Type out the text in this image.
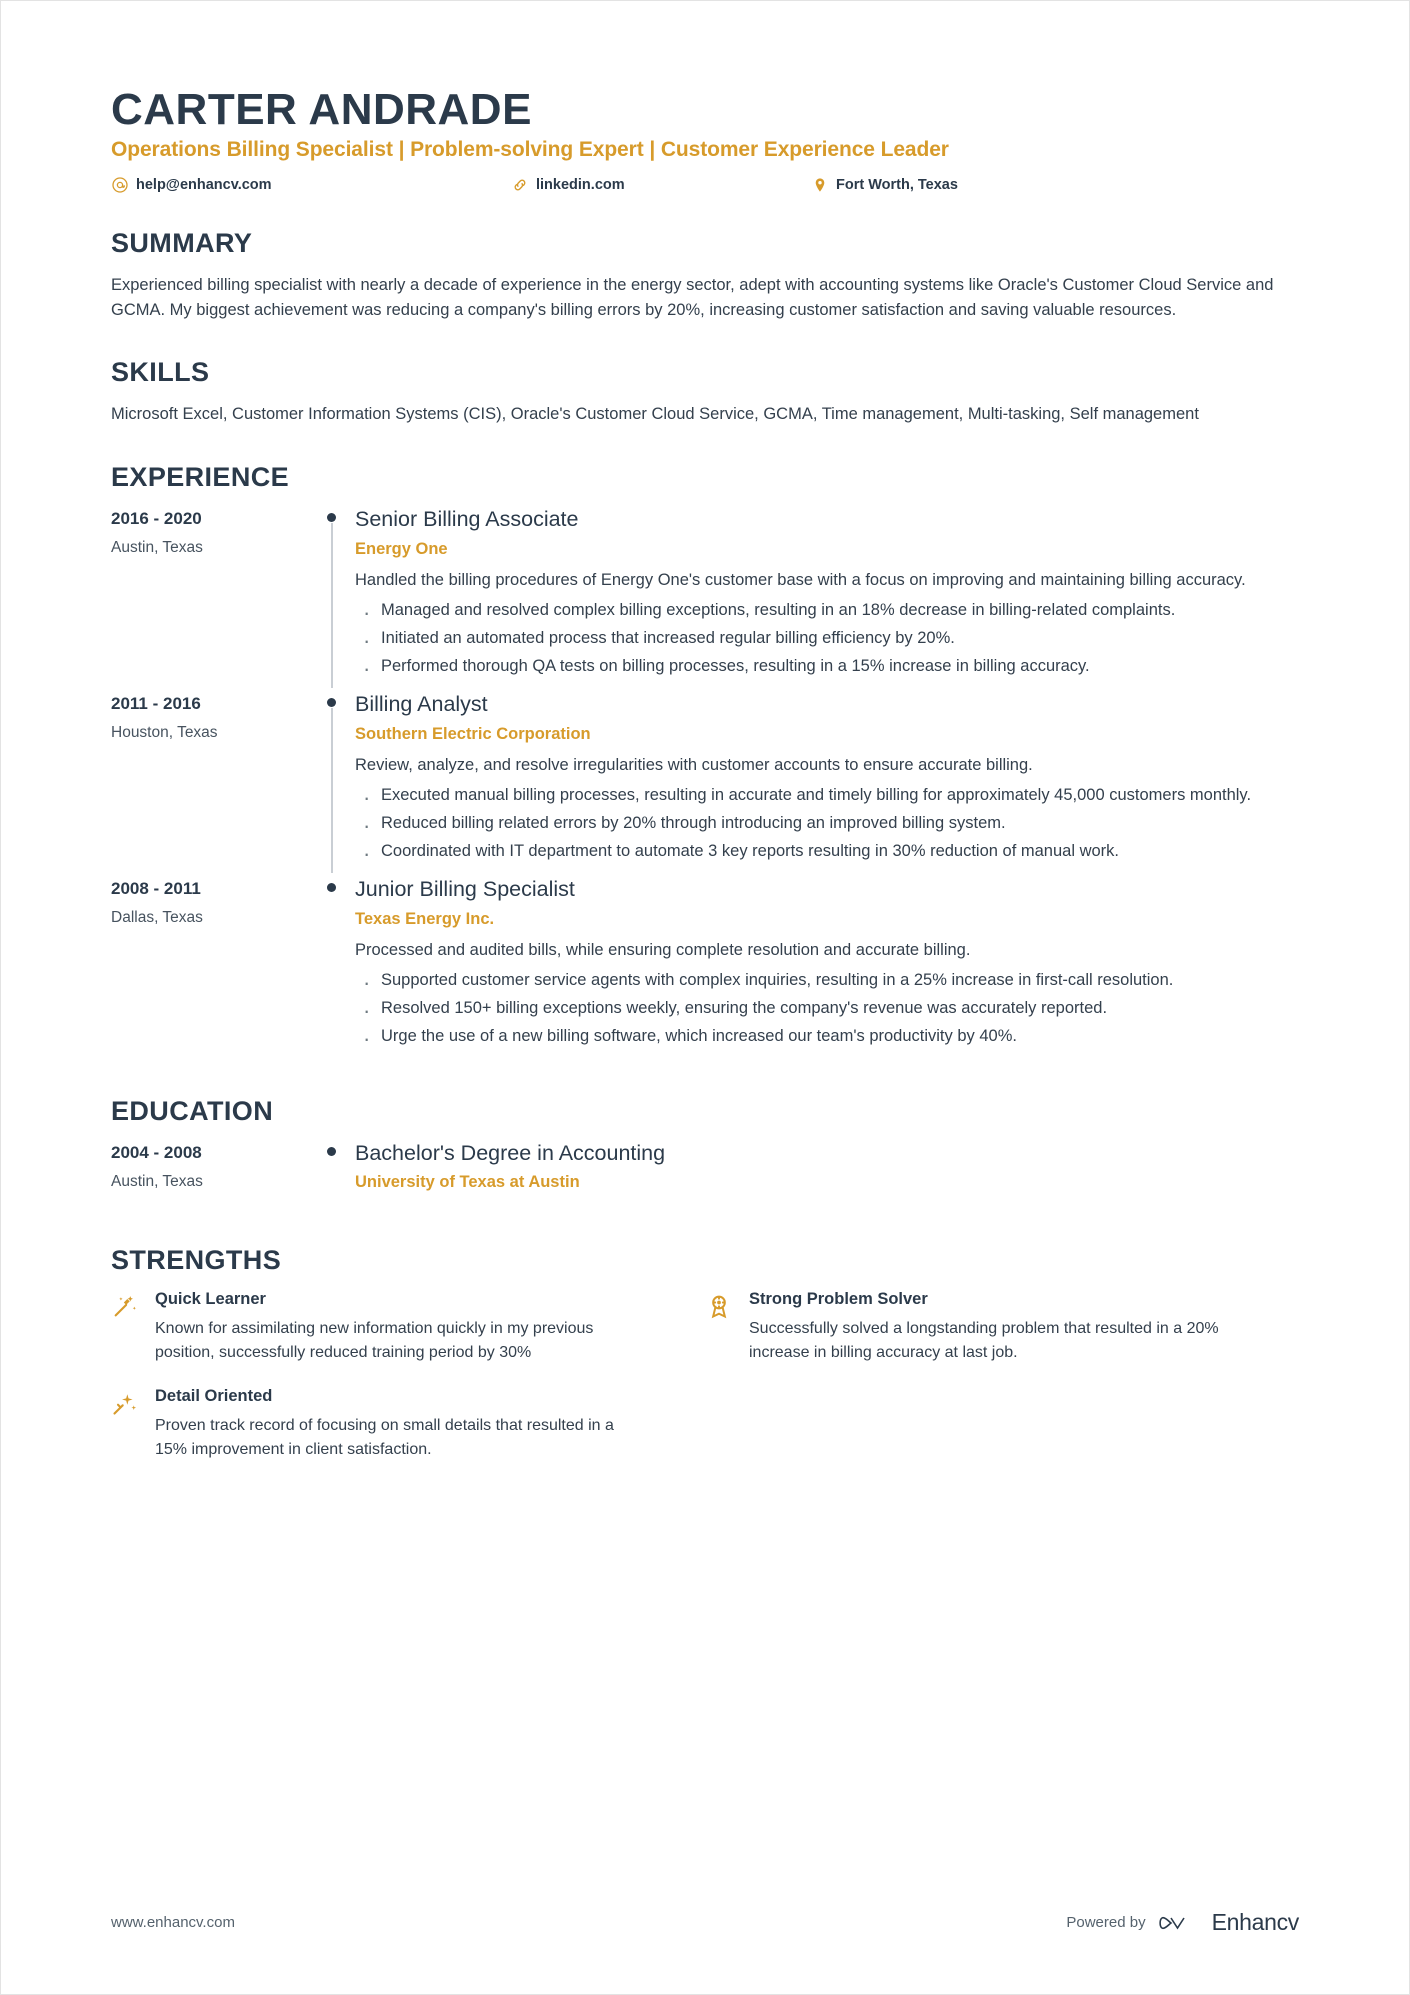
CARTER ANDRADE
Operations Billing Specialist | Problem-solving Expert | Customer Experience Leader
help@enhancv.com	linkedin.com	Fort Worth, Texas
SUMMARY
Experienced billing specialist with nearly a decade of experience in the energy sector, adept with accounting systems like Oracle's Customer Cloud Service and GCMA. My biggest achievement was reducing a company's billing errors by 20%, increasing customer satisfaction and saving valuable resources.
SKILLS
Microsoft Excel, Customer Information Systems (CIS), Oracle's Customer Cloud Service, GCMA, Time management, Multi-tasking, Self management
EXPERIENCE
2016 - 2020
Austin, Texas
Senior Billing Associate
Energy One
Handled the billing procedures of Energy One's customer base with a focus on improving and maintaining billing accuracy.
· Managed and resolved complex billing exceptions, resulting in an 18% decrease in billing-related complaints.
· Initiated an automated process that increased regular billing efficiency by 20%.
· Performed thorough QA tests on billing processes, resulting in a 15% increase in billing accuracy.
2011 - 2016
Houston, Texas
Billing Analyst
Southern Electric Corporation
Review, analyze, and resolve irregularities with customer accounts to ensure accurate billing.
· Executed manual billing processes, resulting in accurate and timely billing for approximately 45,000 customers monthly.
· Reduced billing related errors by 20% through introducing an improved billing system.
· Coordinated with IT department to automate 3 key reports resulting in 30% reduction of manual work.
2008 - 2011
Dallas, Texas
Junior Billing Specialist
Texas Energy Inc.
Processed and audited bills, while ensuring complete resolution and accurate billing.
· Supported customer service agents with complex inquiries, resulting in a 25% increase in first-call resolution.
· Resolved 150+ billing exceptions weekly, ensuring the company's revenue was accurately reported.
· Urge the use of a new billing software, which increased our team's productivity by 40%.
EDUCATION
2004 - 2008
Austin, Texas
Bachelor's Degree in Accounting
University of Texas at Austin
STRENGTHS
Quick Learner
Known for assimilating new information quickly in my previous position, successfully reduced training period by 30%
Strong Problem Solver
Successfully solved a longstanding problem that resulted in a 20% increase in billing accuracy at last job.
Detail Oriented
Proven track record of focusing on small details that resulted in a 15% improvement in client satisfaction.
www.enhancv.com	Powered by	Enhancv
